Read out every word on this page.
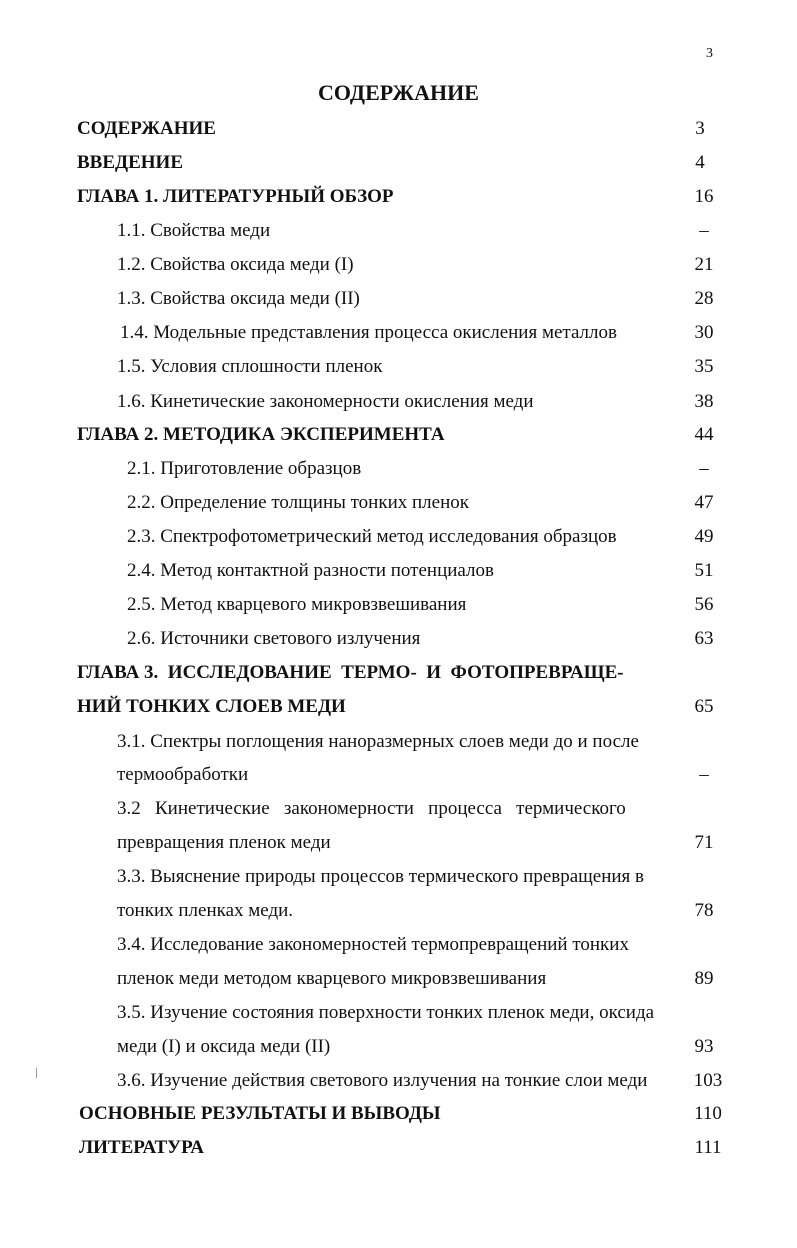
3
СОДЕРЖАНИЕ
СОДЕРЖАНИЕ	3
ВВЕДЕНИЕ	4
ГЛАВА 1. ЛИТЕРАТУРНЫЙ ОБЗОР	16
1.1. Свойства меди	–
1.2. Свойства оксида меди (I)	21
1.3. Свойства оксида меди (II)	28
1.4. Модельные представления процесса окисления металлов	30
1.5. Условия сплошности пленок	35
1.6. Кинетические закономерности окисления меди	38
ГЛАВА 2. МЕТОДИКА ЭКСПЕРИМЕНТА	44
2.1. Приготовление образцов	–
2.2. Определение толщины тонких пленок	47
2.3. Спектрофотометрический метод исследования образцов	49
2.4. Метод контактной разности потенциалов	51
2.5. Метод кварцевого микровзвешивания	56
2.6. Источники светового излучения	63
ГЛАВА 3.  ИССЛЕДОВАНИЕ  ТЕРМО-  И  ФОТОПРЕВРАЩЕ-
НИЙ ТОНКИХ СЛОЕВ МЕДИ	65
3.1. Спектры поглощения наноразмерных слоев меди до и после
термообработки	–
3.2   Кинетические   закономерности   процесса   термического
превращения пленок меди	71
3.3. Выяснение природы процессов термического превращения в
тонких пленках меди.	78
3.4. Исследование закономерностей термопревращений тонких
пленок меди методом кварцевого микровзвешивания	89
3.5. Изучение состояния поверхности тонких пленок меди, оксида
меди (I) и оксида меди (II)	93
3.6. Изучение действия светового излучения на тонкие слои меди	103
ОСНОВНЫЕ РЕЗУЛЬТАТЫ И ВЫВОДЫ	110
ЛИТЕРАТУРА	111
